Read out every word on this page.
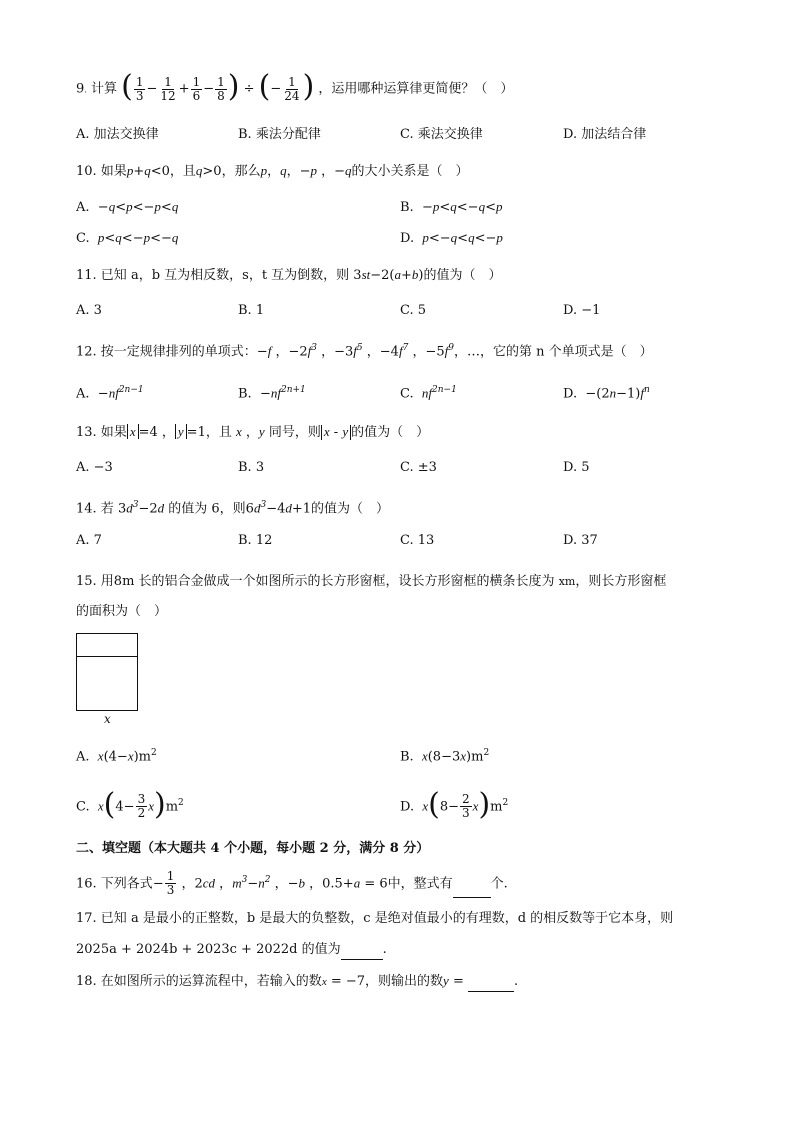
9. 计算 ( $\frac{1}{3} - \frac{1}{12} + \frac{1}{6} - \frac{1}{8}$ ) ÷ (− $\frac{1}{24}$ ) ，运用哪种运算律更简便？（　）
A. 加法交换律	B. 乘法分配律	C. 乘法交换律	D. 加法结合律
10. 如果p+q<0，且q>0，那么p，q，−p ，−q的大小关系是（　）
A.  −q<p<−p<q	B.  −p<q<−q<p
C. p<q<−p<−q	D. p<−q<q<−p
11. 已知 a，b 互为相反数，s，t 互为倒数，则 3st−2(a+b)的值为（　）
A. 3	B. 1	C. 5	D. −1
12. 按一定规律排列的单项式：−f ，$-2f^3$ ，$-3f^5$ ，$-4f^7$ ，$-5f^9$，…，它的第 n 个单项式是（　）
A.  $-nf^{2n-1}$	B.  $-nf^{2n+1}$	C. $nf^{2n-1}$	D.  $-(2n-1)f^n$
13. 如果 x =4 ， y =1，且 x ，y 同号，则 x - y 的值为（　）
A. −3	B. 3	C. ±3	D. 5
14. 若 $3d^3-2d$ 的值为 6，则$6d^3-4d+1$的值为（　）
A. 7	B. 12	C. 13	D. 37
15. 用8m 长的铝合金做成一个如图所示的长方形窗框，设长方形窗框的横条长度为 xm，则长方形窗框
的面积为（　）
x
A. $x(4-x)m^2$	B. $x(8-3x)m^2$
C. $x(4- \frac{3}{2} x)m^2$	D. $x(8- \frac{2}{3} x)m^2$
二、填空题（本大题共 4 个小题，每小题 2 分，满分 8 分）
16. 下列各式− $\frac{1}{3}$ ，2cd ，$m^3-n^2$ ，−b ，0.5+a = 6中，整式有	个.
17. 已知 a 是最小的正整数，b 是最大的负整数，c 是绝对值最小的有理数，d 的相反数等于它本身，则
2025a + 2024b + 2023c + 2022d 的值为	.
18. 在如图所示的运算流程中，若输入的数x = −7，则输出的数y =	.
